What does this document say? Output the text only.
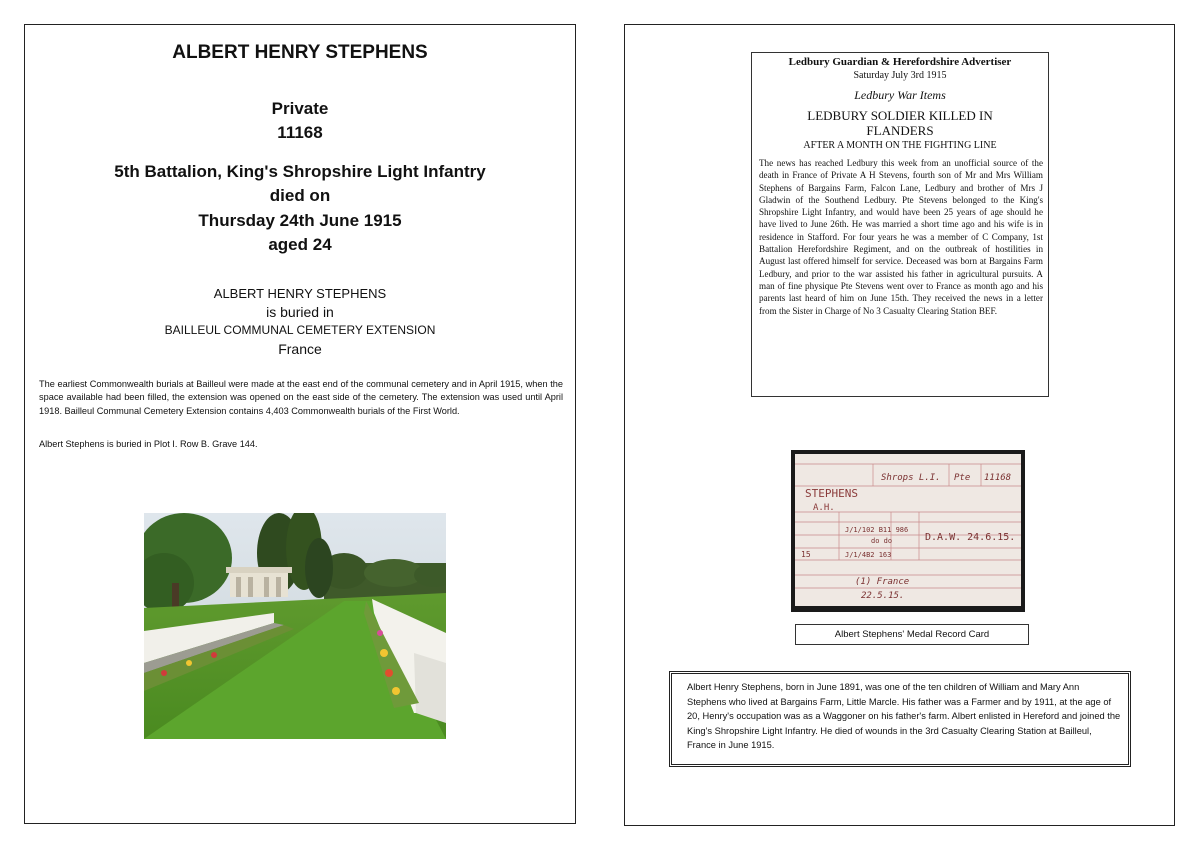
ALBERT HENRY STEPHENS
Private
11168
5th Battalion, King's Shropshire Light Infantry
died on
Thursday 24th June 1915
aged 24
ALBERT HENRY STEPHENS
is buried in
BAILLEUL COMMUNAL CEMETERY EXTENSION
France

The earliest Commonwealth burials at Bailleul were made at the east end of the communal cemetery and in April 1915, when the space available had been filled, the extension was opened on the east side of the cemetery. The extension was used until April 1918. Bailleul Communal Cemetery Extension contains 4,403 Commonwealth burials of the First World.

Albert Stephens is buried in Plot I. Row B. Grave 144.

Ledbury Guardian & Herefordshire Advertiser
Saturday July 3rd 1915
Ledbury War Items
LEDBURY SOLDIER KILLED IN FLANDERS
AFTER A MONTH ON THE FIGHTING LINE

The news has reached Ledbury this week from an unofficial source of the death in France of Private A H Stevens, fourth son of Mr and Mrs William Stephens of Bargains Farm, Falcon Lane, Ledbury and brother of Mrs J Gladwin of the Southend Ledbury. Pte Stevens belonged to the King's Shropshire Light Infantry, and would have been 25 years of age should he have lived to June 26th. He was married a short time ago and his wife is in residence in Stafford. For four years he was a member of C Company, 1st Battalion Herefordshire Regiment, and on the outbreak of hostilities in August last offered himself for service. Deceased was born at Bargains Farm Ledbury, and prior to the war assisted his father in agricultural pursuits. A man of fine physique Pte Stevens went over to France as month ago and his parents last heard of him on June 15th. They received the news in a letter from the Sister in Charge of No 3 Casualty Clearing Station BEF.

STEPHENS
A.H.
Shrops L.I. Pte 11168
J/1/102 B11 986
do do
J/1/4B2 163
15
D.A.W. 24.6.15.
(1) France
22.5.15.
Albert Stephens' Medal Record Card

Albert Henry Stephens, born in June 1891, was one of the ten children of William and Mary Ann Stephens who lived at Bargains Farm, Little Marcle. His father was a Farmer and by 1911, at the age of 20, Henry's occupation was as a Waggoner on his father's farm. Albert enlisted in Hereford and joined the King's Shropshire Light Infantry. He died of wounds in the 3rd Casualty Clearing Station at Bailleul, France in June 1915.
